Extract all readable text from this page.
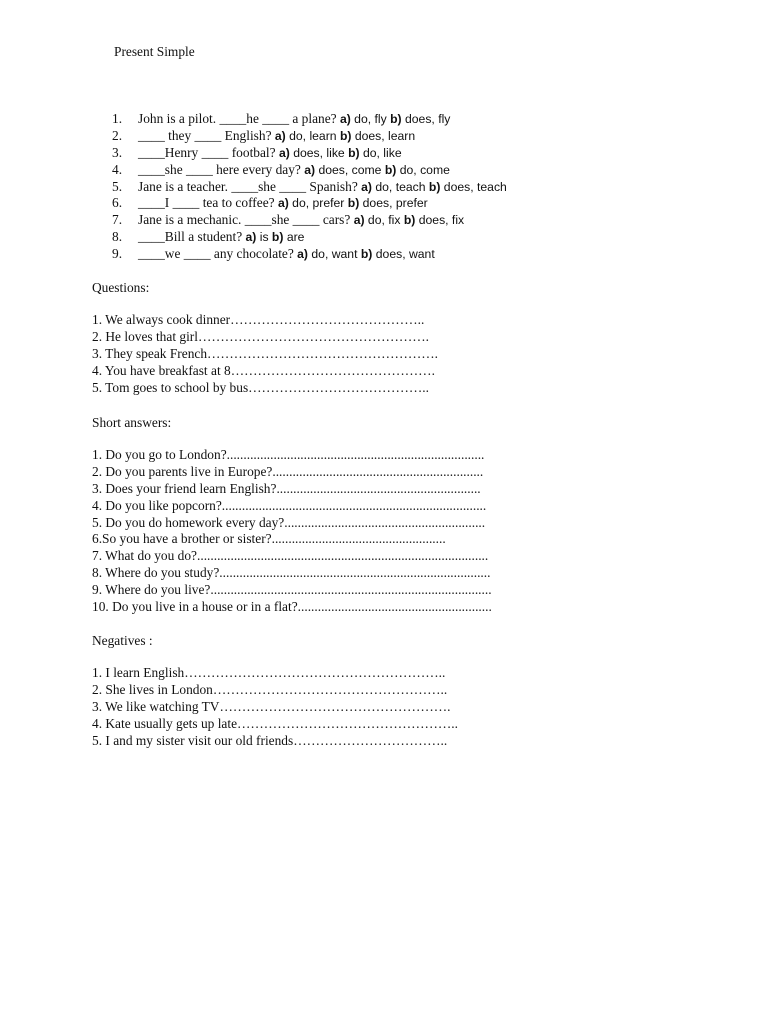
Present Simple
1.	John is a pilot. ____he ____ a plane? a) do, fly b) does, fly
2.	____ they ____ English? a) do, learn b) does, learn
3.	____Henry ____ footbal? a) does, like b) do, like
4.	____she ____ here every day? a) does, come b) do, come
5.	Jane is a teacher. ____she ____ Spanish? a) do, teach b) does, teach
6.	____I ____ tea to coffee? a) do, prefer b) does, prefer
7.	Jane is a mechanic. ____she ____ cars? a) do, fix b) does, fix
8.	____Bill a student? a) is b) are
9.	____we ____ any chocolate? a) do, want b) does, want
Questions:
1. We always cook dinner……………………………………..
2. He loves that girl…………………………………………….
3. They speak French…………………………………………….
4. You have breakfast at 8……………………………………….
5. Tom goes to school by bus…………………………………..
Short answers:
1. Do you go to London?.............................................................................
2. Do you parents live in Europe?...............................................................
3. Does your friend learn English?.............................................................
4. Do you like popcorn?...............................................................................
5. Do you do homework every day?............................................................
6.So you have a brother or sister?....................................................
7. What do you do?.......................................................................................
8. Where do you study?.................................................................................
9. Where do you live?....................................................................................
10. Do you live in a house or in a flat?..........................................................
Negatives :
1. I learn English…………………………………………………..
2. She lives in London……………………………………………..
3. We like watching TV…………………………………………….
4. Kate usually gets up late…………………………………………..
5. I and my sister visit our old friends……………………………..
